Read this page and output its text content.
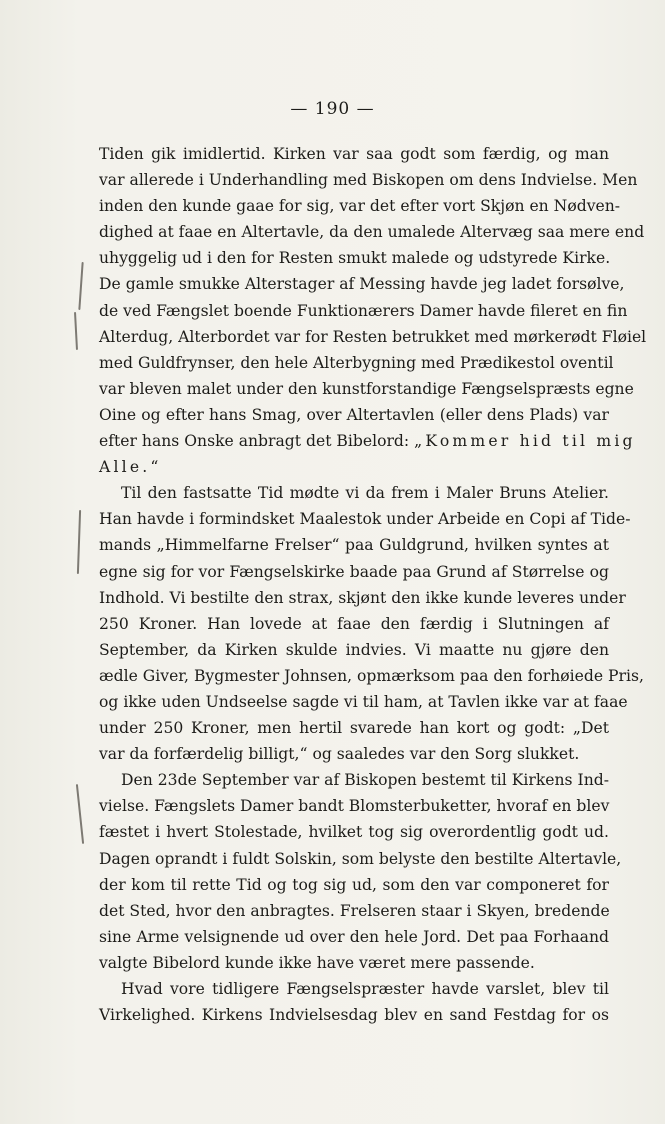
— 190 —
Tiden gik imidlertid. Kirken var saa godt som færdig, og man
var allerede i Underhandling med Biskopen om dens Indvielse. Men
inden den kunde gaae for sig, var det efter vort Skjøn en Nødven-
dighed at faae en Altertavle, da den umalede Altervæg saa mere end
uhyggelig ud i den for Resten smukt malede og udstyrede Kirke.
De gamle smukke Alterstager af Messing havde jeg ladet forsølve,
de ved Fængslet boende Funktionærers Damer havde fileret en fin
Alterdug, Alterbordet var for Resten betrukket med mørkerødt Fløiel
med Guldfrynser, den hele Alterbygning med Prædikestol oventil
var bleven malet under den kunstforstandige Fængselspræsts egne
Oine og efter hans Smag, over Altertavlen (eller dens Plads) var
efter hans Onske anbragt det Bibelord: „Kommer hid til mig
Alle.“
Til den fastsatte Tid mødte vi da frem i Maler Bruns Atelier.
Han havde i formindsket Maalestok under Arbeide en Copi af Tide-
mands „Himmelfarne Frelser“ paa Guldgrund, hvilken syntes at
egne sig for vor Fængselskirke baade paa Grund af Størrelse og
Indhold. Vi bestilte den strax, skjønt den ikke kunde leveres under
250 Kroner. Han lovede at faae den færdig i Slutningen af
September, da Kirken skulde indvies. Vi maatte nu gjøre den
ædle Giver, Bygmester Johnsen, opmærksom paa den forhøiede Pris,
og ikke uden Undseelse sagde vi til ham, at Tavlen ikke var at faae
under 250 Kroner, men hertil svarede han kort og godt: „Det
var da forfærdelig billigt,“ og saaledes var den Sorg slukket.
Den 23de September var af Biskopen bestemt til Kirkens Ind-
vielse. Fængslets Damer bandt Blomsterbuketter, hvoraf en blev
fæstet i hvert Stolestade, hvilket tog sig overordentlig godt ud.
Dagen oprandt i fuldt Solskin, som belyste den bestilte Altertavle,
der kom til rette Tid og tog sig ud, som den var componeret for
det Sted, hvor den anbragtes. Frelseren staar i Skyen, bredende
sine Arme velsignende ud over den hele Jord. Det paa Forhaand
valgte Bibelord kunde ikke have været mere passende.
Hvad vore tidligere Fængselspræster havde varslet, blev til
Virkelighed. Kirkens Indvielsesdag blev en sand Festdag for os
